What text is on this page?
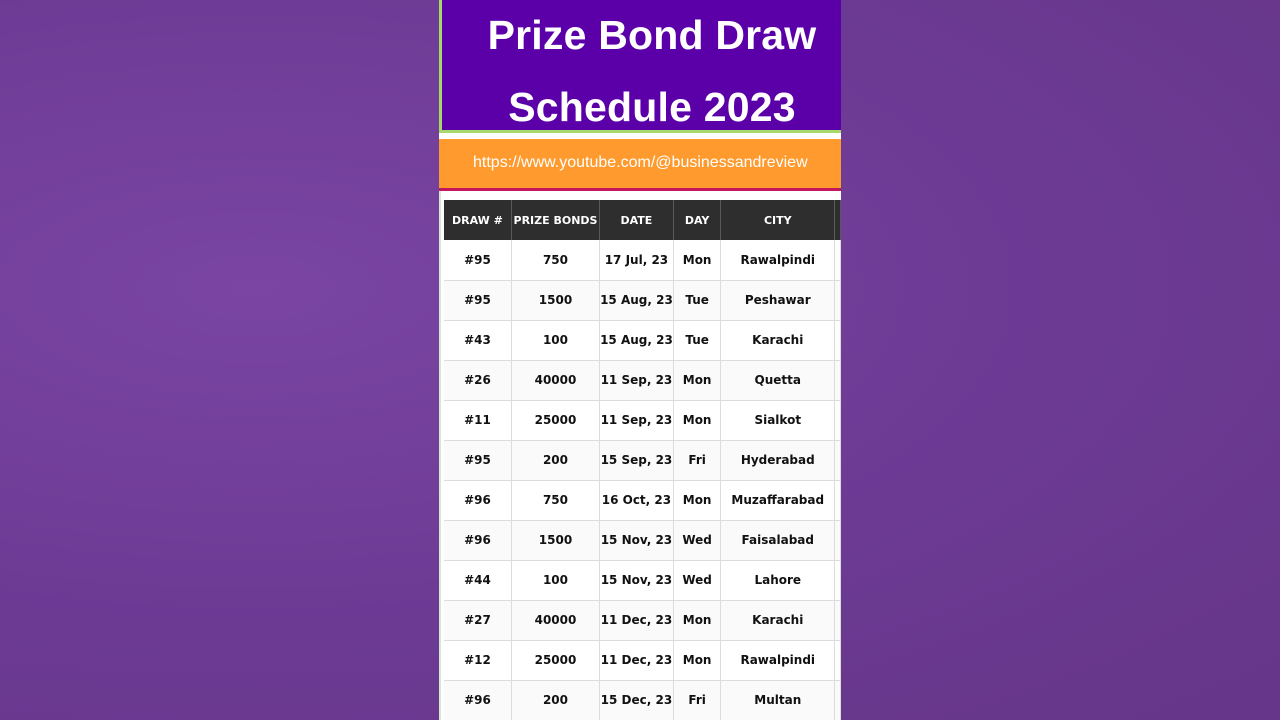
Prize Bond Draw
Schedule 2023
https://www.youtube.com/@businessandreview
DRAW #	PRIZE BONDS	DATE	DAY	CITY	
#95	750	17 Jul, 23	Mon	Rawalpindi	
#95	1500	15 Aug, 23	Tue	Peshawar	
#43	100	15 Aug, 23	Tue	Karachi	
#26	40000	11 Sep, 23	Mon	Quetta	
#11	25000	11 Sep, 23	Mon	Sialkot	
#95	200	15 Sep, 23	Fri	Hyderabad	
#96	750	16 Oct, 23	Mon	Muzaffarabad	
#96	1500	15 Nov, 23	Wed	Faisalabad	
#44	100	15 Nov, 23	Wed	Lahore	
#27	40000	11 Dec, 23	Mon	Karachi	
#12	25000	11 Dec, 23	Mon	Rawalpindi	
#96	200	15 Dec, 23	Fri	Multan	
